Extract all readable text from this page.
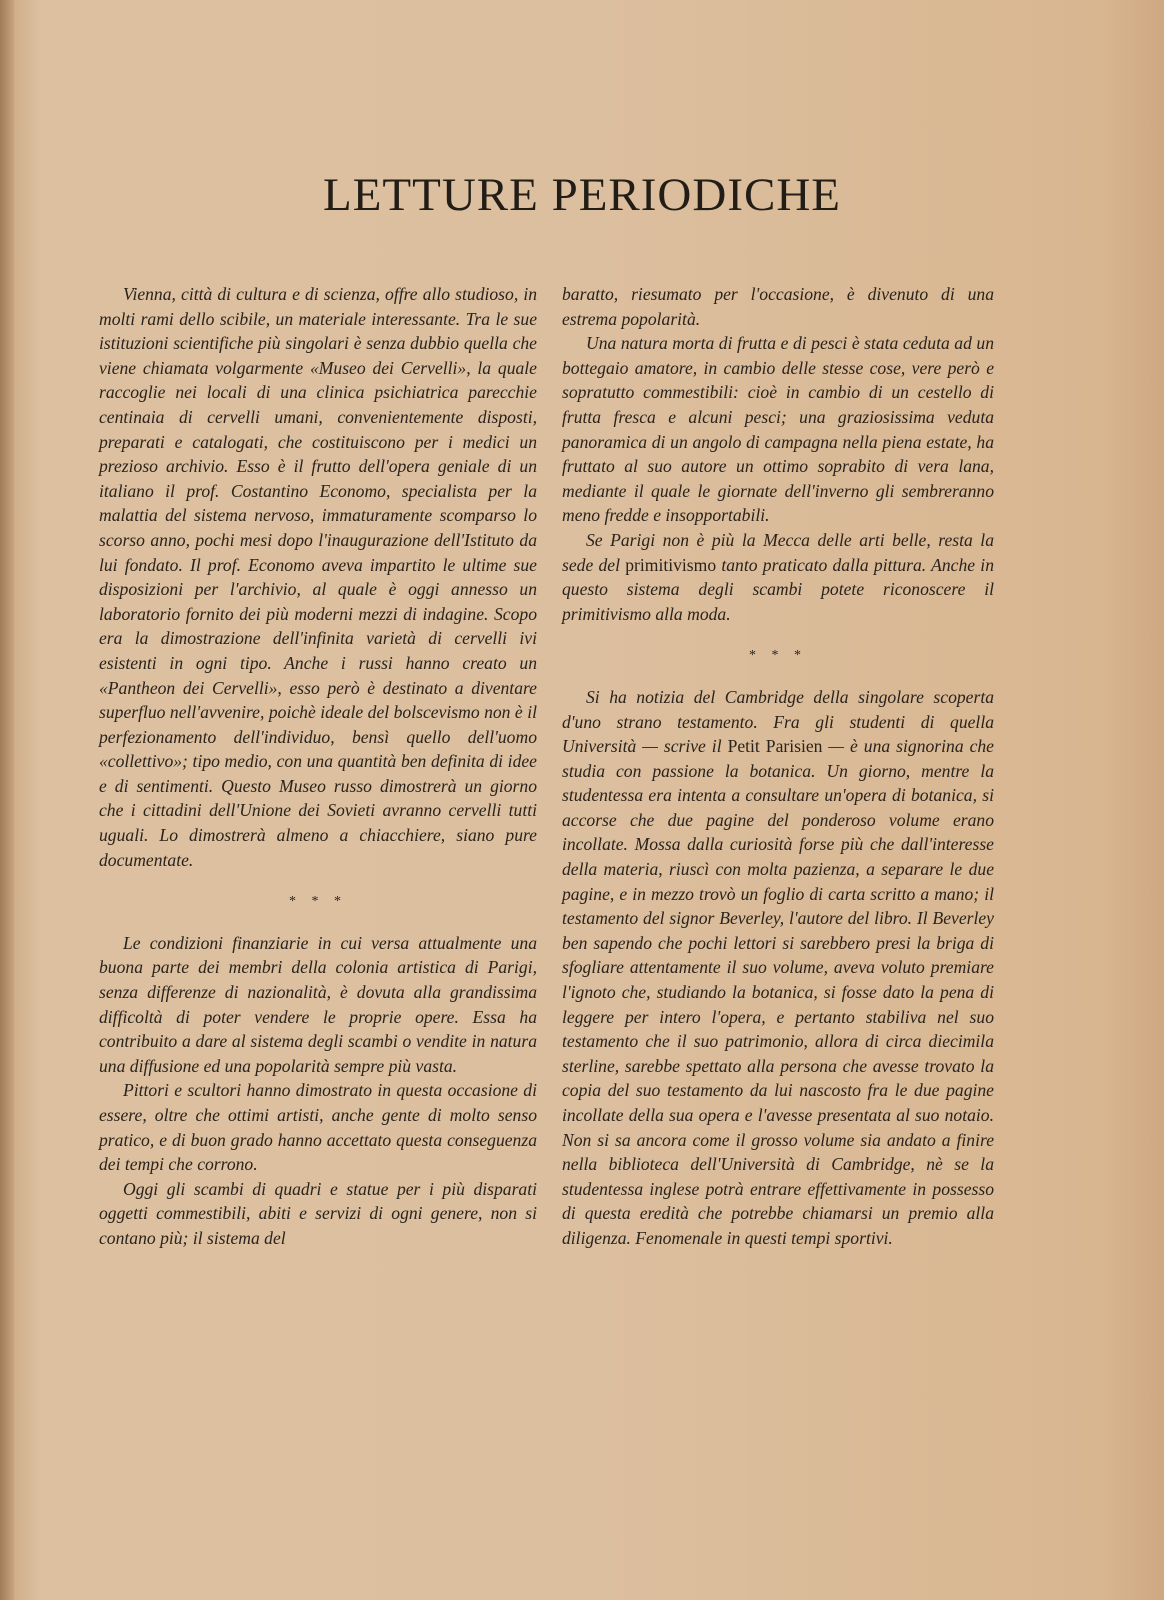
LETTURE PERIODICHE

Vienna, città di cultura e di scienza, offre allo studioso, in molti rami dello scibile, un materiale interessante. Tra le sue istituzioni scientifiche più singolari è senza dubbio quella che viene chiamata volgarmente «Museo dei Cervelli», la quale raccoglie nei locali di una clinica psichiatrica parecchie centinaia di cervelli umani, convenientemente disposti, preparati e catalogati, che costituiscono per i medici un prezioso archivio. Esso è il frutto dell'opera geniale di un italiano il prof. Costantino Economo, specialista per la malattia del sistema nervoso, immaturamente scomparso lo scorso anno, pochi mesi dopo l'inaugurazione dell'Istituto da lui fondato. Il prof. Economo aveva impartito le ultime sue disposizioni per l'archivio, al quale è oggi annesso un laboratorio fornito dei più moderni mezzi di indagine. Scopo era la dimostrazione dell'infinita varietà di cervelli ivi esistenti in ogni tipo. Anche i russi hanno creato un «Pantheon dei Cervelli», esso però è destinato a diventare superfluo nell'avvenire, poichè ideale del bolscevismo non è il perfezionamento dell'individuo, bensì quello dell'uomo «collettivo»; tipo medio, con una quantità ben definita di idee e di sentimenti. Questo Museo russo dimostrerà un giorno che i cittadini dell'Unione dei Sovieti avranno cervelli tutti uguali. Lo dimostrerà almeno a chiacchiere, siano pure documentate.

* * *

Le condizioni finanziarie in cui versa attualmente una buona parte dei membri della colonia artistica di Parigi, senza differenze di nazionalità, è dovuta alla grandissima difficoltà di poter vendere le proprie opere. Essa ha contribuito a dare al sistema degli scambi o vendite in natura una diffusione ed una popolarità sempre più vasta.

Pittori e scultori hanno dimostrato in questa occasione di essere, oltre che ottimi artisti, anche gente di molto senso pratico, e di buon grado hanno accettato questa conseguenza dei tempi che corrono.

Oggi gli scambi di quadri e statue per i più disparati oggetti commestibili, abiti e servizi di ogni genere, non si contano più; il sistema del

baratto, riesumato per l'occasione, è divenuto di una estrema popolarità.

Una natura morta di frutta e di pesci è stata ceduta ad un bottegaio amatore, in cambio delle stesse cose, vere però e sopratutto commestibili: cioè in cambio di un cestello di frutta fresca e alcuni pesci; una graziosissima veduta panoramica di un angolo di campagna nella piena estate, ha fruttato al suo autore un ottimo soprabito di vera lana, mediante il quale le giornate dell'inverno gli sembreranno meno fredde e insopportabili.

Se Parigi non è più la Mecca delle arti belle, resta la sede del primitivismo tanto praticato dalla pittura. Anche in questo sistema degli scambi potete riconoscere il primitivismo alla moda.

* * *

Si ha notizia del Cambridge della singolare scoperta d'uno strano testamento. Fra gli studenti di quella Università — scrive il Petit Parisien — è una signorina che studia con passione la botanica. Un giorno, mentre la studentessa era intenta a consultare un'opera di botanica, si accorse che due pagine del ponderoso volume erano incollate. Mossa dalla curiosità forse più che dall'interesse della materia, riuscì con molta pazienza, a separare le due pagine, e in mezzo trovò un foglio di carta scritto a mano; il testamento del signor Beverley, l'autore del libro. Il Beverley ben sapendo che pochi lettori si sarebbero presi la briga di sfogliare attentamente il suo volume, aveva voluto premiare l'ignoto che, studiando la botanica, si fosse dato la pena di leggere per intero l'opera, e pertanto stabiliva nel suo testamento che il suo patrimonio, allora di circa diecimila sterline, sarebbe spettato alla persona che avesse trovato la copia del suo testamento da lui nascosto fra le due pagine incollate della sua opera e l'avesse presentata al suo notaio. Non si sa ancora come il grosso volume sia andato a finire nella biblioteca dell'Università di Cambridge, nè se la studentessa inglese potrà entrare effettivamente in possesso di questa eredità che potrebbe chiamarsi un premio alla diligenza. Fenomenale in questi tempi sportivi.
